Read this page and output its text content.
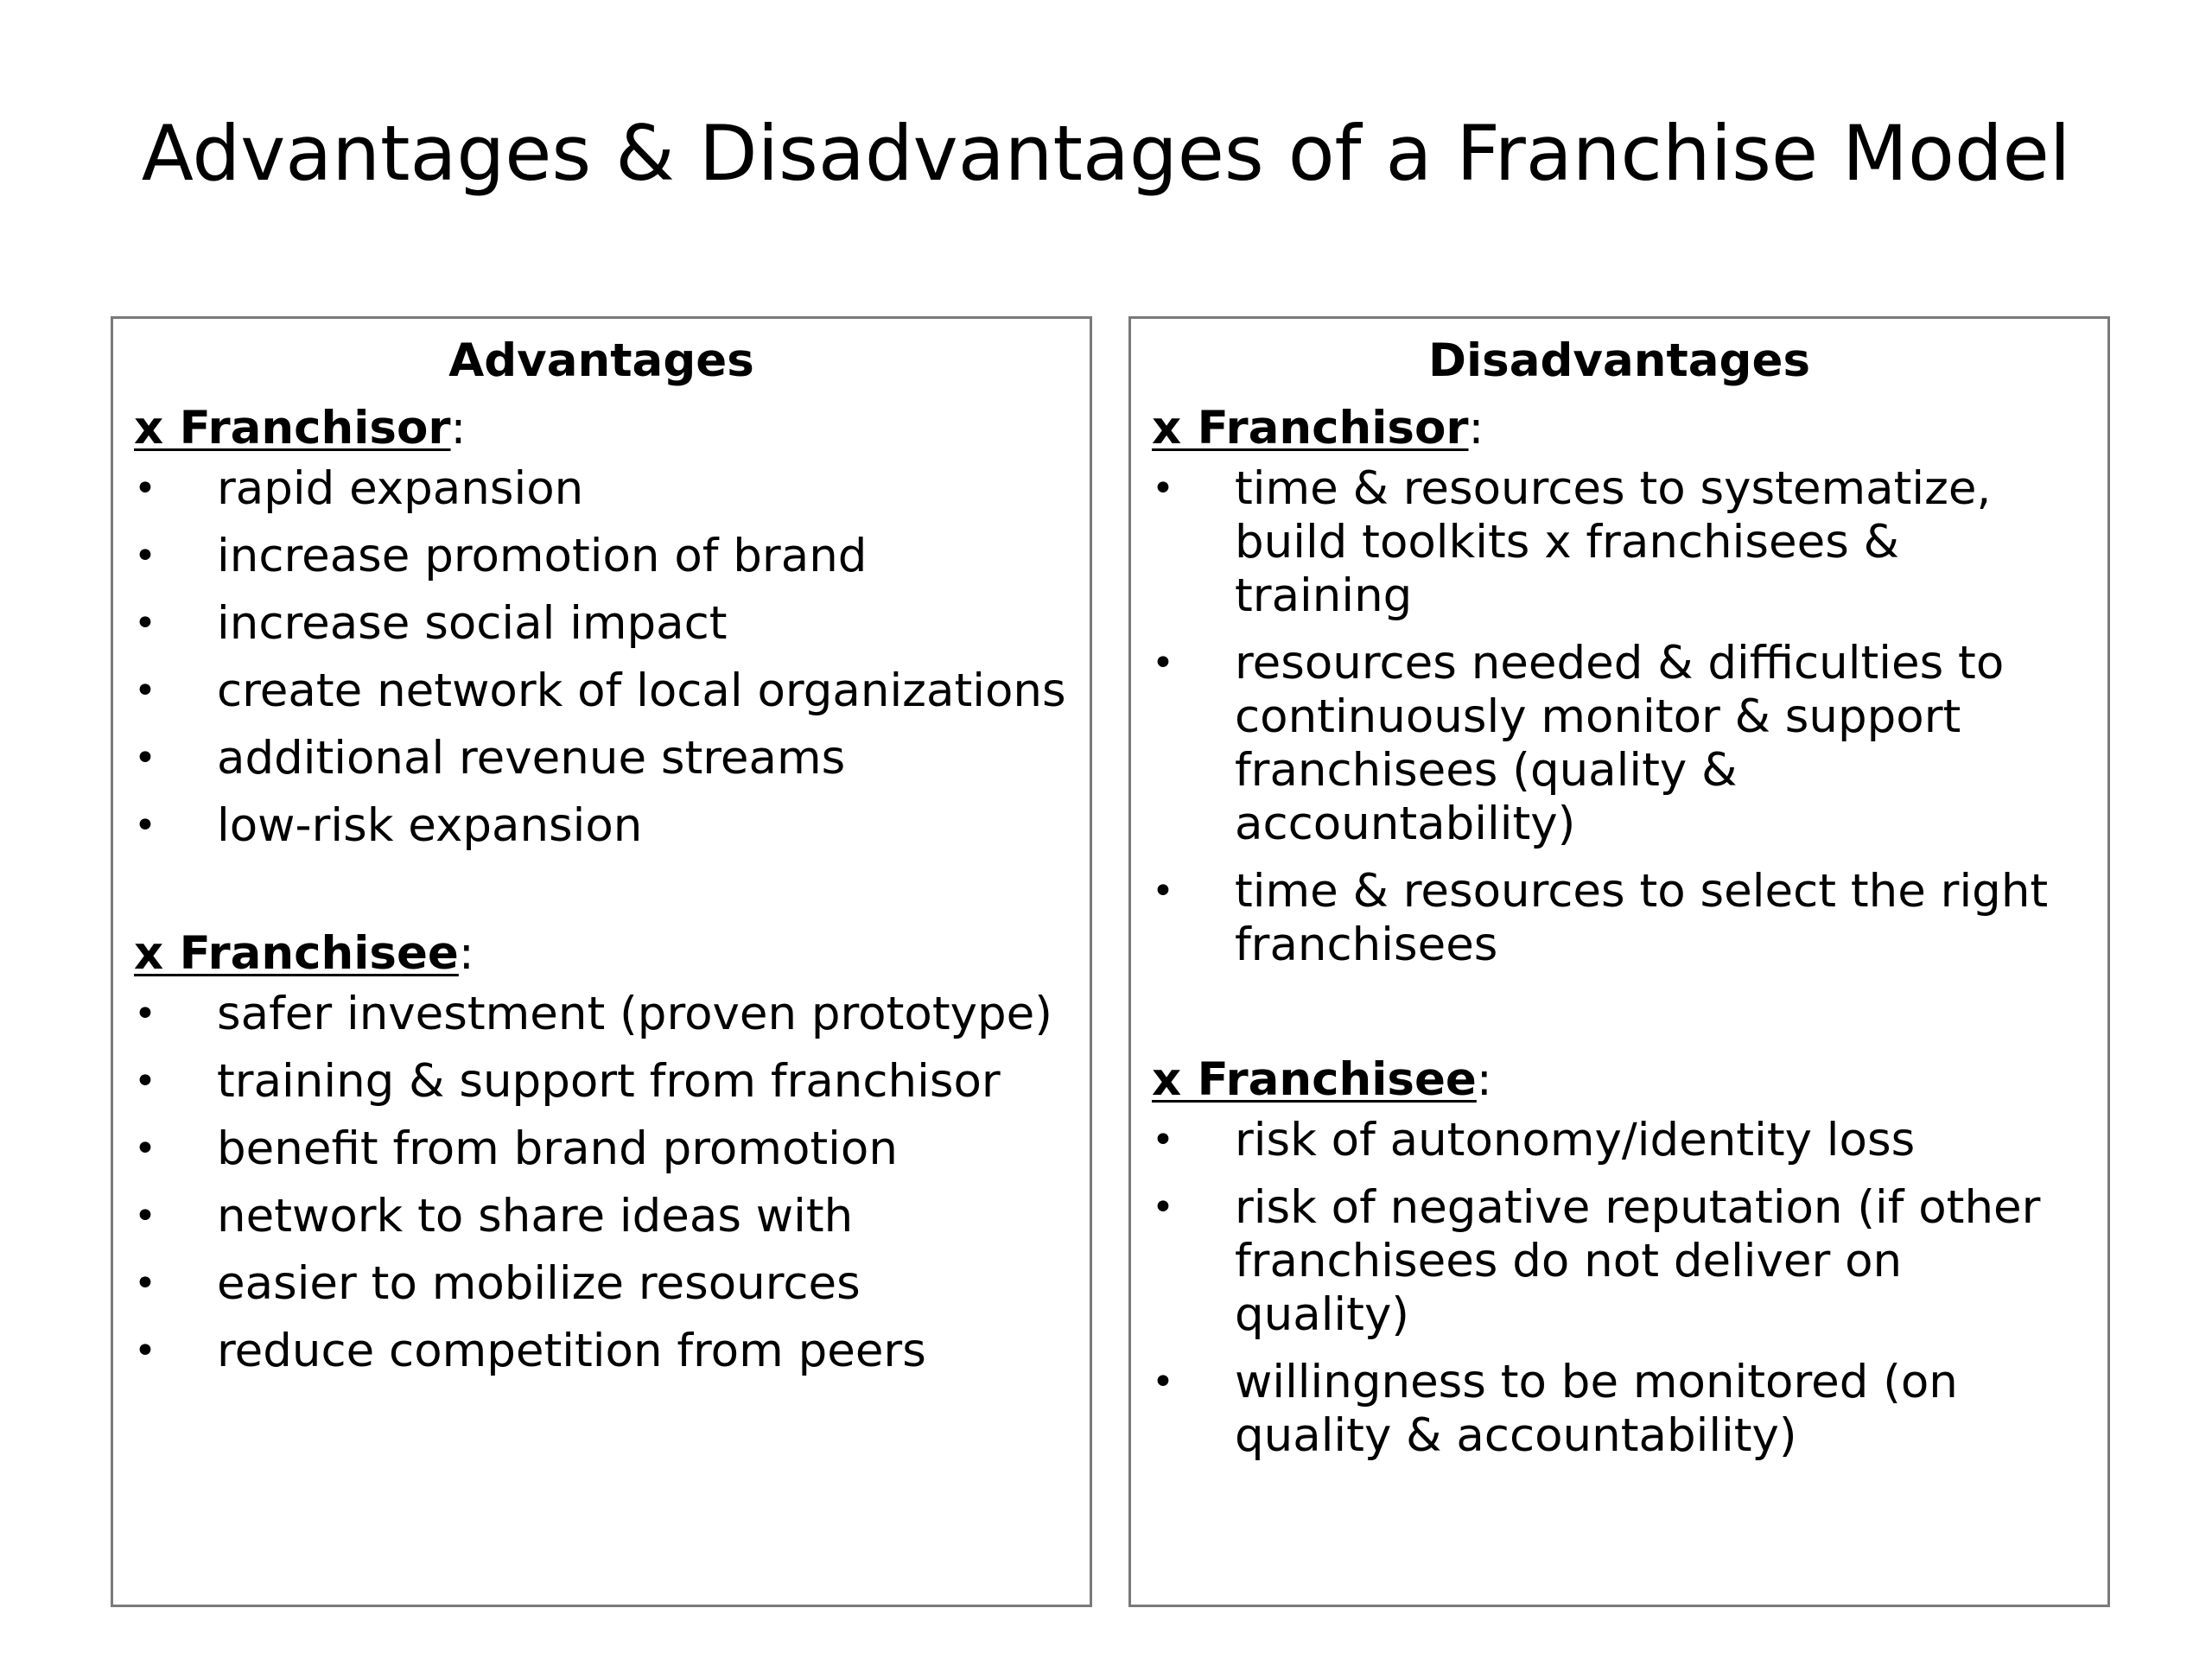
Advantages & Disadvantages of a Franchise Model
Advantages

x Franchisor:

• rapid expansion
• increase promotion of brand
• increase social impact
• create network of local organizations
• additional revenue streams
• low-risk expansion

x Franchisee:

• safer investment (proven prototype)
• training & support from franchisor
• benefit from brand promotion
• network to share ideas with
• easier to mobilize resources
• reduce competition from peers
Disadvantages

x Franchisor:

• time & resources to systematize, build toolkits x franchisees & training
• resources needed & difficulties to continuously monitor & support franchisees (quality & accountability)
• time & resources to select the right franchisees

x Franchisee:

• risk of autonomy/identity loss
• risk of negative reputation (if other franchisees do not deliver on quality)
• willingness to be monitored (on quality & accountability)
